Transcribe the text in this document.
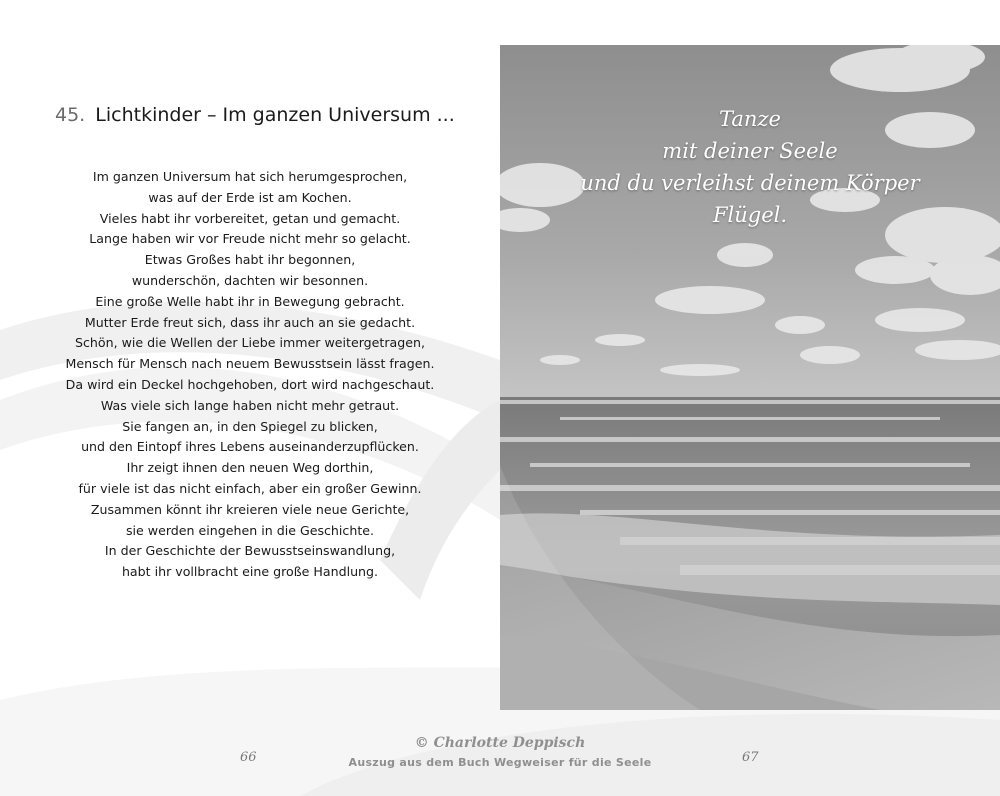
45. Lichtkinder – Im ganzen Universum ...
Im ganzen Universum hat sich herumgesprochen,
was auf der Erde ist am Kochen.
Vieles habt ihr vorbereitet, getan und gemacht.
Lange haben wir vor Freude nicht mehr so gelacht.
Etwas Großes habt ihr begonnen,
wunderschön, dachten wir besonnen.
Eine große Welle habt ihr in Bewegung gebracht.
Mutter Erde freut sich, dass ihr auch an sie gedacht.
Schön, wie die Wellen der Liebe immer weitergetragen,
Mensch für Mensch nach neuem Bewusstsein lässt fragen.
Da wird ein Deckel hochgehoben, dort wird nachgeschaut.
Was viele sich lange haben nicht mehr getraut.
Sie fangen an, in den Spiegel zu blicken,
und den Eintopf ihres Lebens auseinanderzupflücken.
Ihr zeigt ihnen den neuen Weg dorthin,
für viele ist das nicht einfach, aber ein großer Gewinn.
Zusammen könnt ihr kreieren viele neue Gerichte,
sie werden eingehen in die Geschichte.
In der Geschichte der Bewusstseinswandlung,
habt ihr vollbracht eine große Handlung.
Tanze
mit deiner Seele
und du verleihst deinem Körper
Flügel.
66	67
© Charlotte Deppisch
Auszug aus dem Buch Wegweiser für die Seele
